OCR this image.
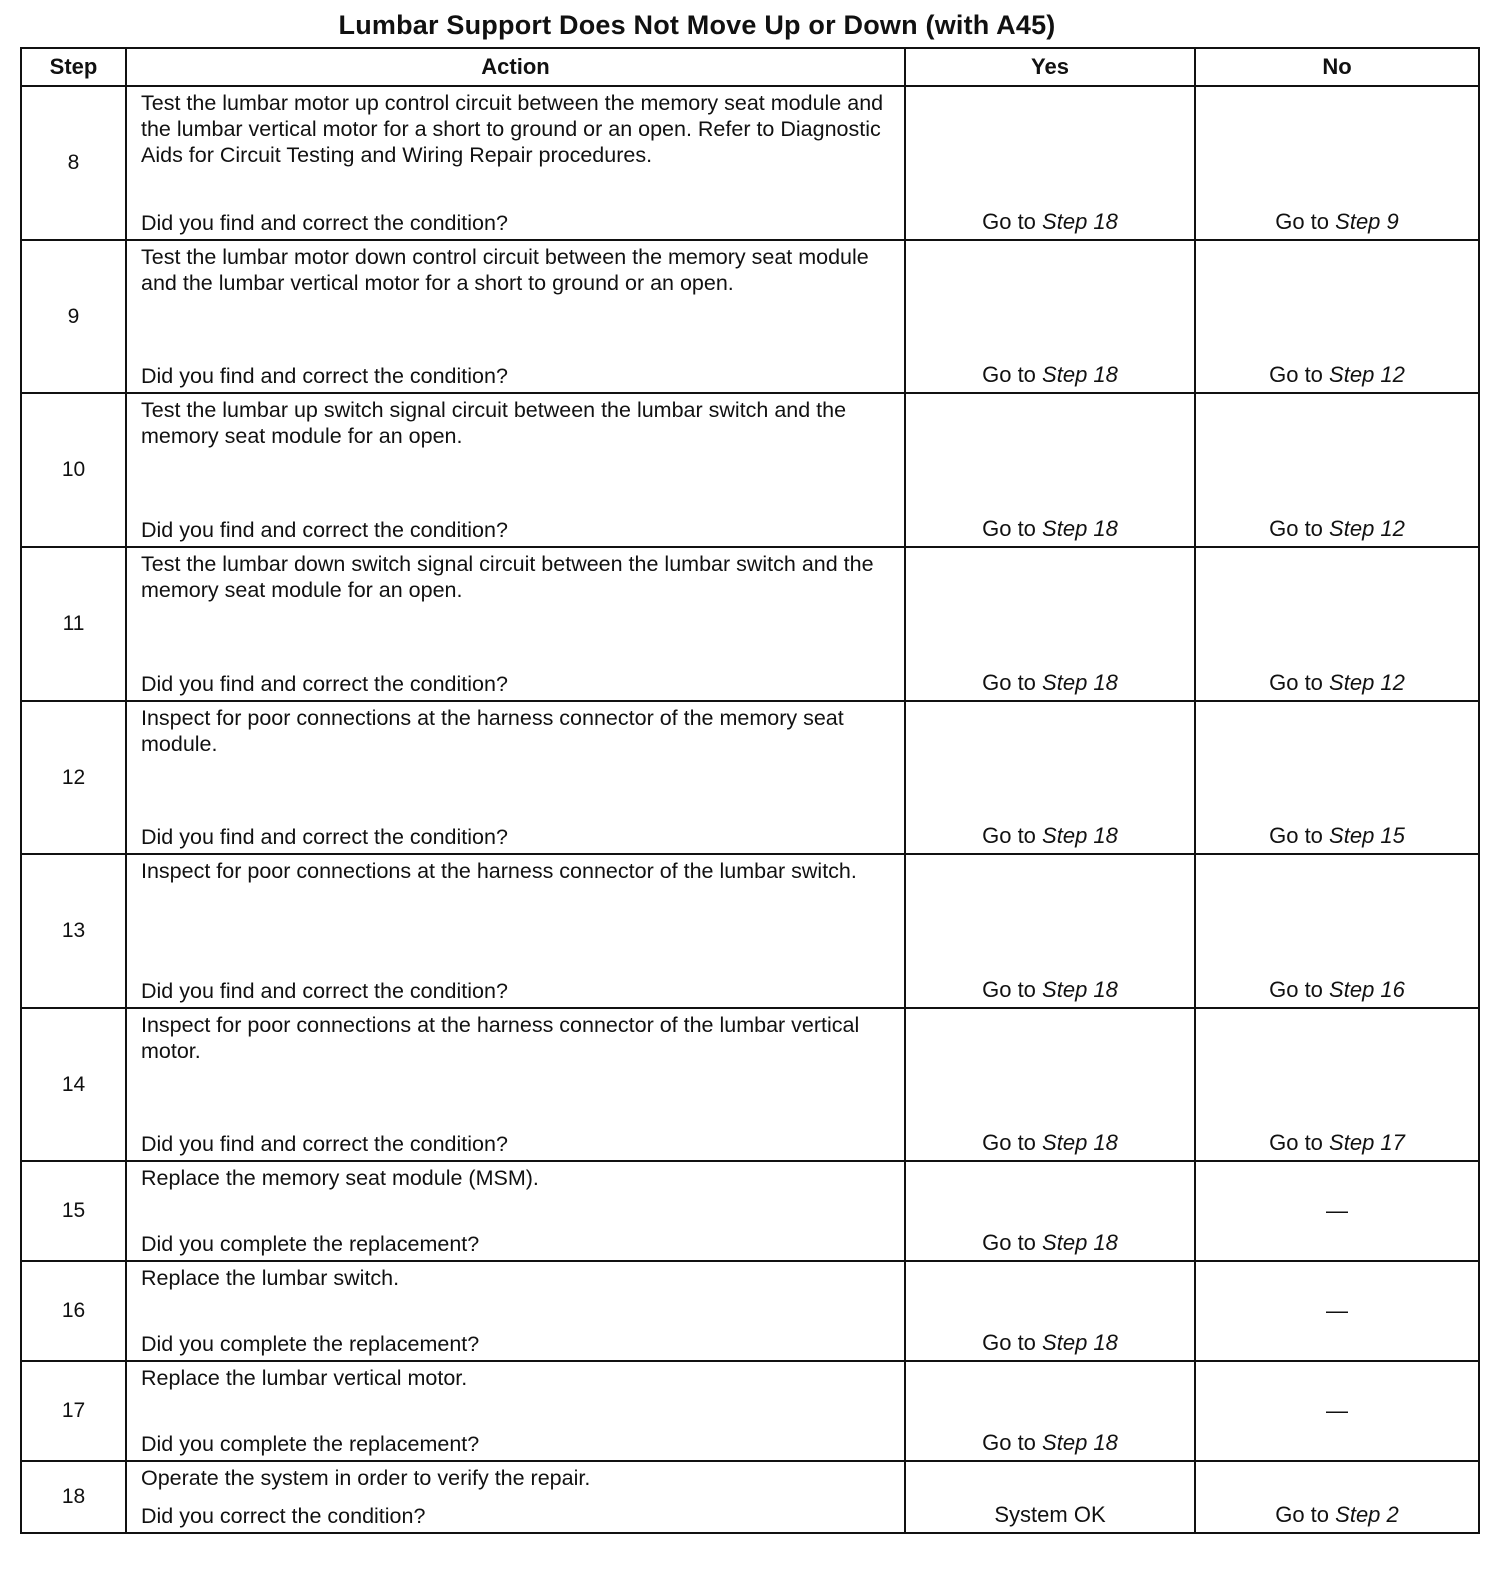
Lumbar Support Does Not Move Up or Down (with A45)
Step	Action	Yes	No
8	Test the lumbar motor up control circuit between the memory seat module and the lumbar vertical motor for a short to ground or an open. Refer to Diagnostic Aids for Circuit Testing and Wiring Repair procedures.
Did you find and correct the condition?	Go to Step 18	Go to Step 9
9	Test the lumbar motor down control circuit between the memory seat module and the lumbar vertical motor for a short to ground or an open.
Did you find and correct the condition?	Go to Step 18	Go to Step 12
10	Test the lumbar up switch signal circuit between the lumbar switch and the memory seat module for an open.
Did you find and correct the condition?	Go to Step 18	Go to Step 12
11	Test the lumbar down switch signal circuit between the lumbar switch and the memory seat module for an open.
Did you find and correct the condition?	Go to Step 18	Go to Step 12
12	Inspect for poor connections at the harness connector of the memory seat module.
Did you find and correct the condition?	Go to Step 18	Go to Step 15
13	Inspect for poor connections at the harness connector of the lumbar switch.
Did you find and correct the condition?	Go to Step 18	Go to Step 16
14	Inspect for poor connections at the harness connector of the lumbar vertical motor.
Did you find and correct the condition?	Go to Step 18	Go to Step 17
15	Replace the memory seat module (MSM).
Did you complete the replacement?	Go to Step 18	—
16	Replace the lumbar switch.
Did you complete the replacement?	Go to Step 18	—
17	Replace the lumbar vertical motor.
Did you complete the replacement?	Go to Step 18	—
18	Operate the system in order to verify the repair.
Did you correct the condition?	System OK	Go to Step 2
